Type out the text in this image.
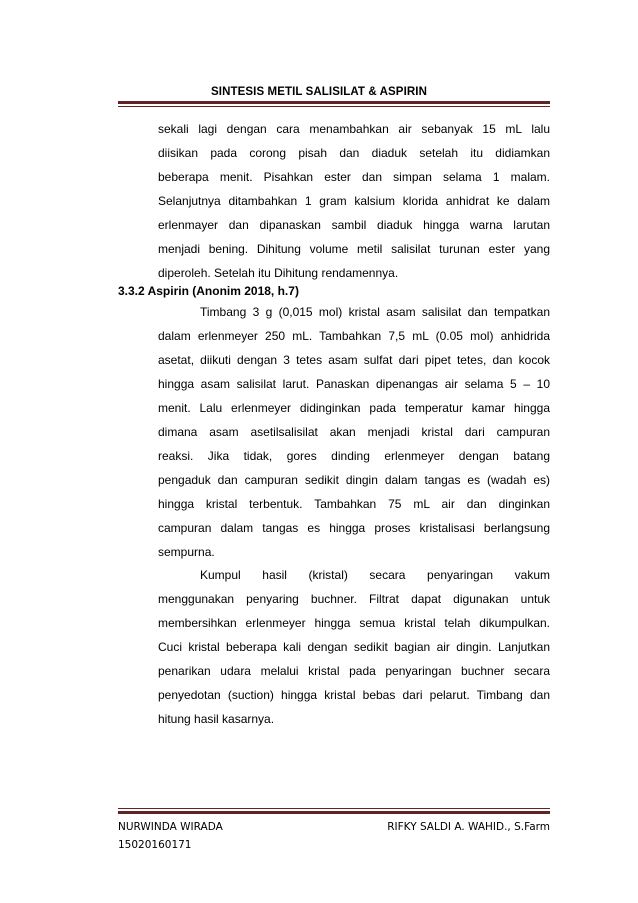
SINTESIS METIL SALISILAT & ASPIRIN
sekali lagi dengan cara menambahkan air sebanyak 15 mL lalu
diisikan pada corong pisah dan diaduk setelah itu didiamkan
beberapa menit. Pisahkan ester dan simpan selama 1 malam.
Selanjutnya ditambahkan 1 gram kalsium klorida anhidrat ke dalam
erlenmayer dan dipanaskan sambil diaduk hingga warna larutan
menjadi bening. Dihitung volume metil salisilat turunan ester yang
diperoleh. Setelah itu Dihitung rendamennya.
3.3.2 Aspirin (Anonim 2018, h.7)
Timbang 3 g (0,015 mol) kristal asam salisilat dan tempatkan
dalam erlenmeyer 250 mL. Tambahkan 7,5 mL (0.05 mol) anhidrida
asetat, diikuti dengan 3 tetes asam sulfat dari pipet tetes, dan kocok
hingga asam salisilat larut. Panaskan dipenangas air selama 5 – 10
menit. Lalu erlenmeyer didinginkan pada temperatur kamar hingga
dimana asam asetilsalisilat akan menjadi kristal dari campuran
reaksi. Jika tidak, gores dinding erlenmeyer dengan batang
pengaduk dan campuran sedikit dingin dalam tangas es (wadah es)
hingga kristal terbentuk. Tambahkan 75 mL air dan dinginkan
campuran dalam tangas es hingga proses kristalisasi berlangsung
sempurna.
Kumpul hasil (kristal) secara penyaringan vakum
menggunakan penyaring buchner. Filtrat dapat digunakan untuk
membersihkan erlenmeyer hingga semua kristal telah dikumpulkan.
Cuci kristal beberapa kali dengan sedikit bagian air dingin. Lanjutkan
penarikan udara melalui kristal pada penyaringan buchner secara
penyedotan (suction) hingga kristal bebas dari pelarut. Timbang dan
hitung hasil kasarnya.
NURWINDA WIRADA
15020160171
RIFKY SALDI A. WAHID., S.Farm
